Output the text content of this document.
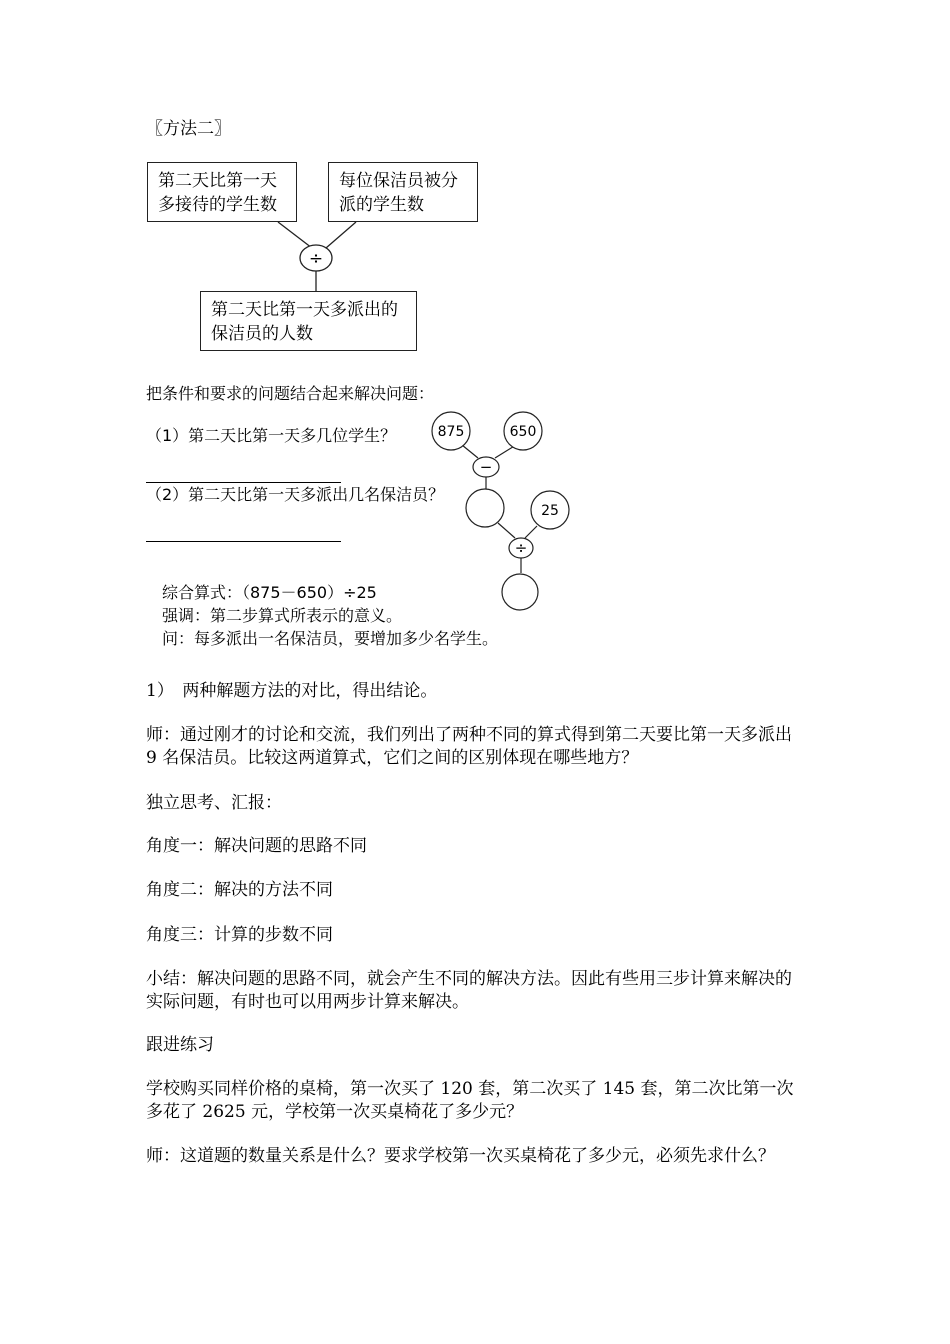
〖方法二〗
第二天比第一天多接待的学生数
每位保洁员被分派的学生数
÷
第二天比第一天多派出的保洁员的人数
把条件和要求的问题结合起来解决问题：
（1）第二天比第一天多几位学生？
（2）第二天比第一天多派出几名保洁员？
875	650
−
25
÷
综合算式：（875－650）÷25
强调：第二步算式所表示的意义。
问：每多派出一名保洁员，要增加多少名学生。
1）　两种解题方法的对比，得出结论。
师：通过刚才的讨论和交流，我们列出了两种不同的算式得到第二天要比第一天多派出 9 名保洁员。比较这两道算式，它们之间的区别体现在哪些地方？
独立思考、汇报：
角度一：解决问题的思路不同
角度二：解决的方法不同
角度三：计算的步数不同
小结：解决问题的思路不同，就会产生不同的解决方法。因此有些用三步计算来解决的实际问题，有时也可以用两步计算来解决。
跟进练习
学校购买同样价格的桌椅，第一次买了 120 套，第二次买了 145 套，第二次比第一次多花了 2625 元，学校第一次买桌椅花了多少元？
师：这道题的数量关系是什么？要求学校第一次买桌椅花了多少元，必须先求什么？
